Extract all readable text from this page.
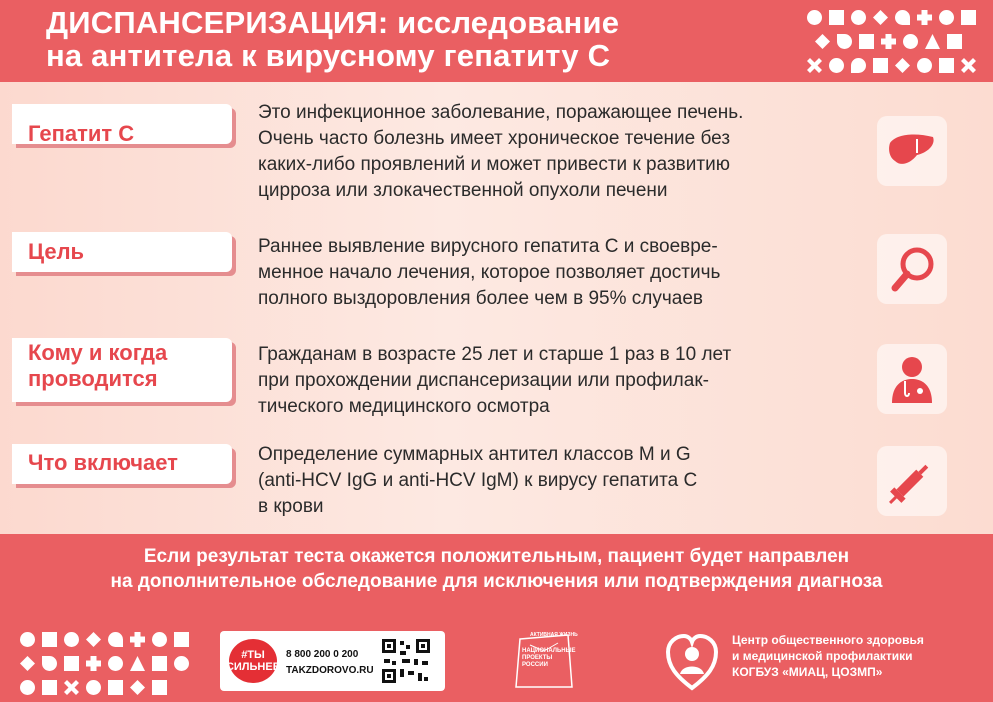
ДИСПАНСЕРИЗАЦИЯ: исследование
на антитела к вирусному гепатиту С
Гепатит С
Это инфекционное заболевание, поражающее печень.
Очень часто болезнь имеет хроническое течение без
каких-либо проявлений и может привести к развитию
цирроза или злокачественной опухоли печени
Цель	Раннее выявление вирусного гепатита С и своевре-
менное начало лечения, которое позволяет достичь
полного выздоровления более чем в 95% случаев
Кому и когда
проводится
Гражданам в возрасте 25 лет и старше 1 раз в 10 лет
при прохождении диспансеризации или профилак-
тического медицинского осмотра
Что включает	Определение суммарных антител классов М и G
(anti-HCV IgG и anti-HCV IgM) к вирусу гепатита С
в крови
Если результат теста окажется положительным, пациент будет направлен
на дополнительное обследование для исключения или подтверждения диагноза
#ТЫ СИЛЬНЕЕ
8 800 200 0 200
TAKZDOROVO.RU
АКТИВНАЯ ЖИЗНЬ
НАЦИОНАЛЬНЫЕ
ПРОЕКТЫ
РОССИИ
Центр общественного здоровья
и медицинской профилактики
КОГБУЗ «МИАЦ, ЦОЗМП»
